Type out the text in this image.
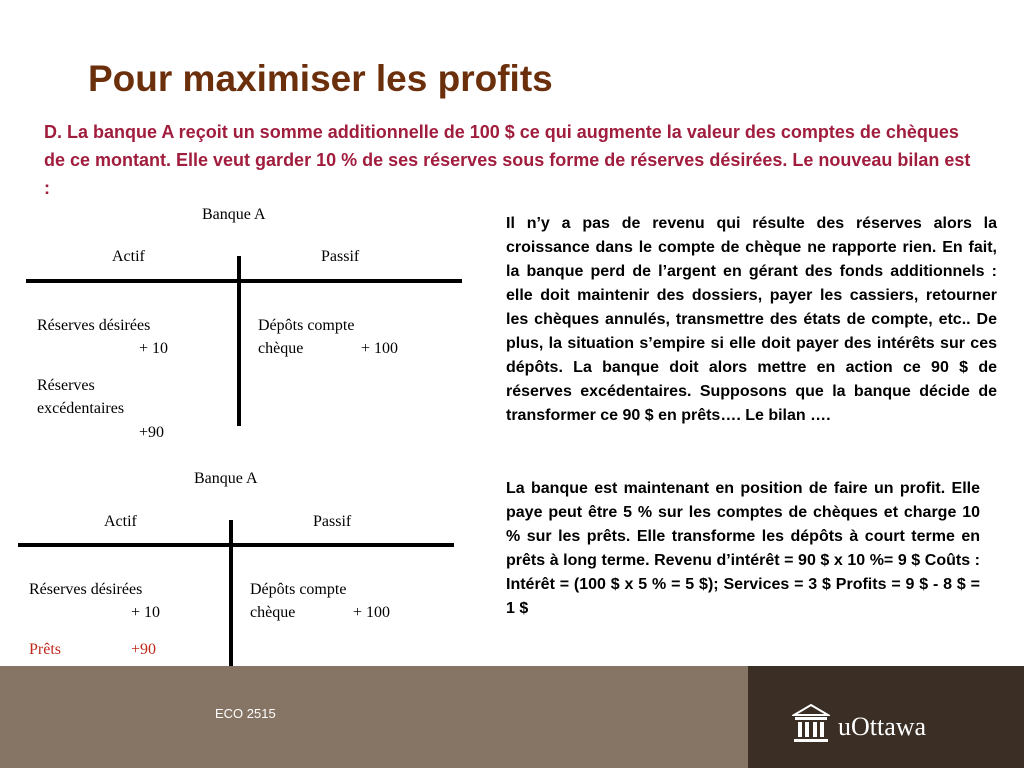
Pour maximiser les profits
D. La banque A reçoit un somme additionnelle de 100 $ ce qui augmente la valeur des comptes de chèques de ce montant. Elle veut garder 10 % de ses réserves sous forme de réserves désirées. Le nouveau bilan est :
Banque A
Actif	Passif
Réserves désirées
+ 10
Réserves
excédentaires
+90
Dépôts compte
chèque	+ 100
Banque A
Actif	Passif
Réserves désirées
+ 10
Prêts	+90
Dépôts compte
chèque	+ 100
Il n’y a pas de revenu qui résulte des réserves alors la croissance dans le compte de chèque ne rapporte rien. En fait, la banque perd de l’argent en gérant des fonds additionnels : elle doit maintenir des dossiers, payer les cassiers, retourner les chèques annulés, transmettre des états de compte, etc.. De plus, la situation s’empire si elle doit payer des intérêts sur ces dépôts. La banque doit alors mettre en action ce 90 $ de réserves excédentaires. Supposons que la banque décide de transformer ce 90 $ en prêts…. Le bilan ….
La banque est maintenant en position de faire un profit. Elle paye peut être 5 % sur les comptes de chèques et charge 10 % sur les prêts. Elle transforme les dépôts à court terme en prêts à long terme. Revenu d’intérêt = 90 $ x 10 %= 9 $ Coûts : Intérêt = (100 $ x 5 % = 5 $); Services = 3 $ Profits = 9 $ - 8 $ = 1 $
ECO 2515	uOttawa
